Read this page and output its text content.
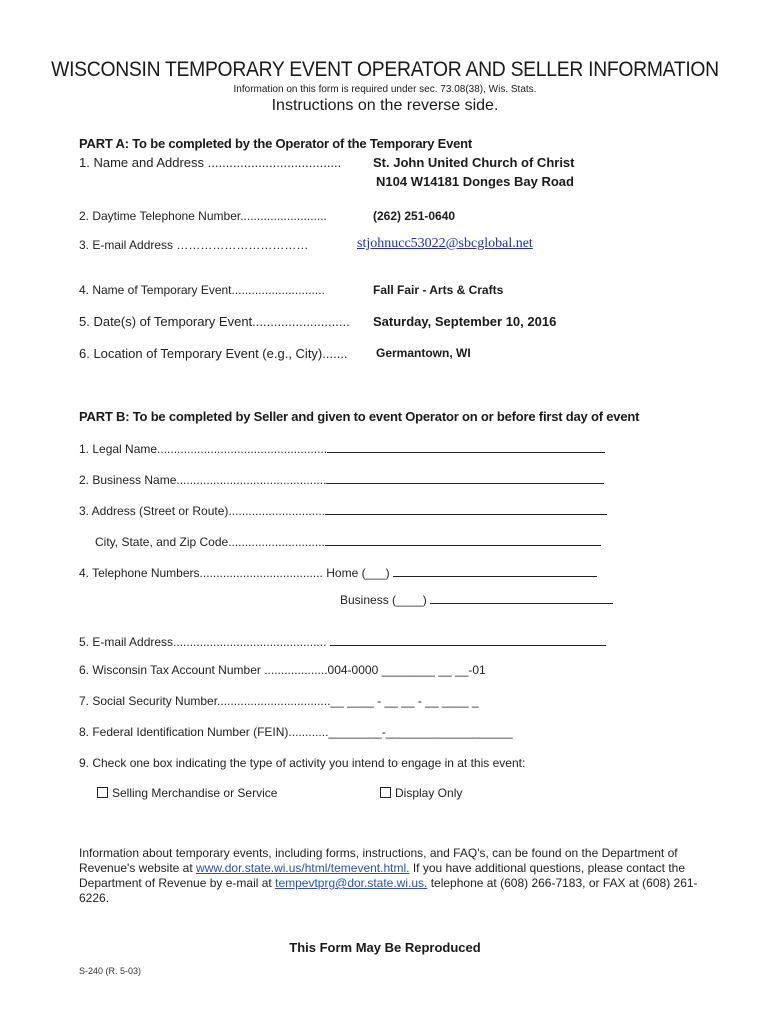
WISCONSIN TEMPORARY EVENT OPERATOR AND SELLER INFORMATION
Information on this form is required under sec. 73.08(38), Wis. Stats.
Instructions on the reverse side.
PART A: To be completed by the Operator of the Temporary Event
1. Name and Address ..................................... St. John United Church of Christ
N104 W14181 Donges Bay Road
2. Daytime Telephone Number..........................	(262) 251-0640
3. E-mail Address ……………………………	stjohnucc53022@sbcglobal.net
4. Name of Temporary Event............................	Fall Fair - Arts & Crafts
5. Date(s) of Temporary Event........................... Saturday, September 10, 2016
6. Location of Temporary Event (e.g., City)....... Germantown, WI
PART B: To be completed by Seller and given to event Operator on or before first day of event
1. Legal Name...................................................
2. Business Name.............................................
3. Address (Street or Route).............................
City, State, and Zip Code.............................
4. Telephone Numbers..................................... Home (___)
Business (____)
5. E-mail Address..............................................
6. Wisconsin Tax Account Number ...................004-0000 ________ __ __-01
7. Social Security Number..................................__ ____ - __ __ - __ ____ _
8. Federal Identification Number (FEIN)............________-___________________
9. Check one box indicating the type of activity you intend to engage in at this event:
Selling Merchandise or Service	Display Only
Information about temporary events, including forms, instructions, and FAQ's, can be found on the Department of Revenue's website at www.dor.state.wi.us/html/temevent.html. If you have additional questions, please contact the Department of Revenue by e-mail at tempevtprg@dor.state.wi.us. telephone at (608) 266-7183, or FAX at (608) 261-6226.
This Form May Be Reproduced
S-240 (R. 5-03)
